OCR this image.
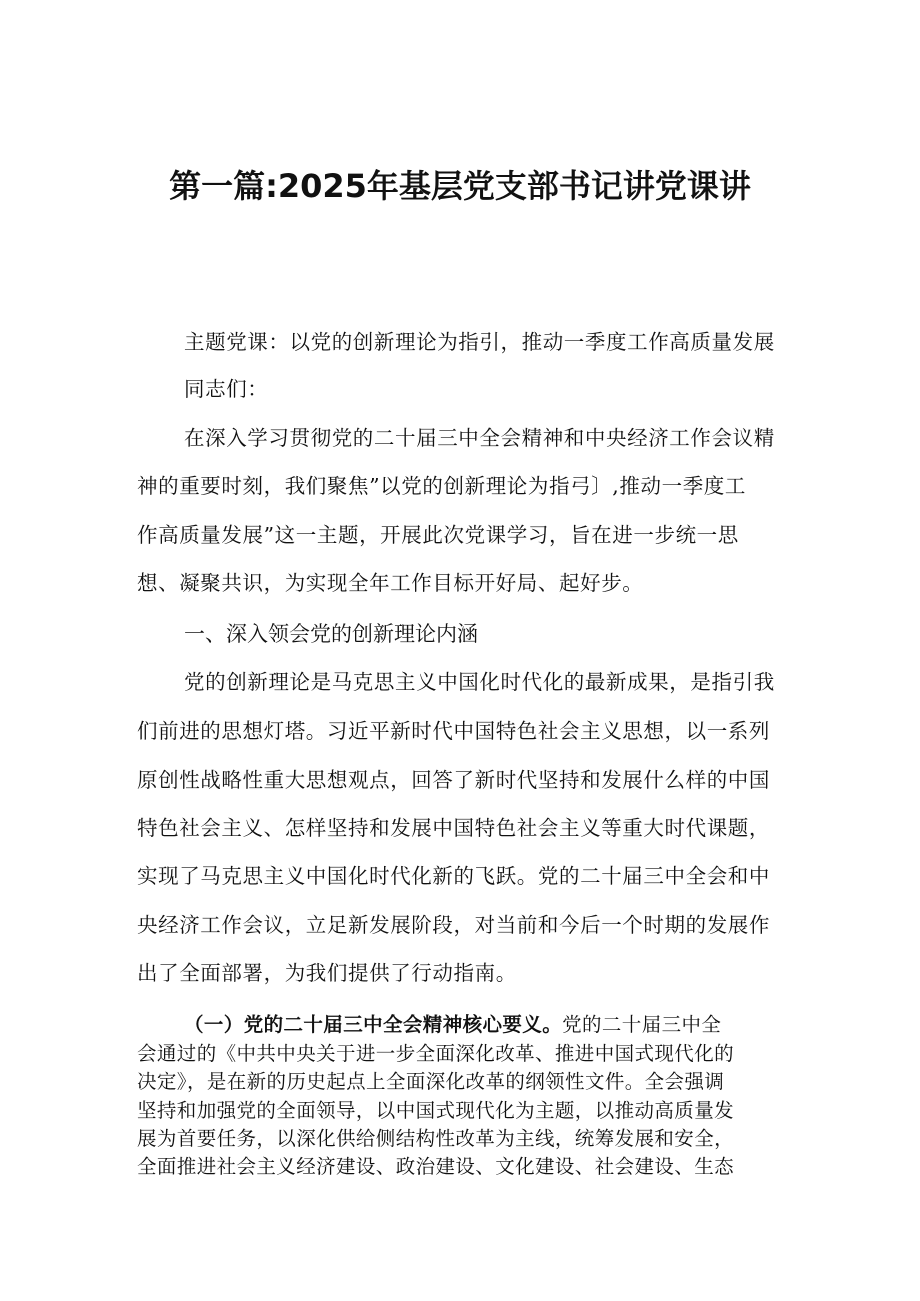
第一篇:2025年基层党支部书记讲党课讲
主题党课：以党的创新理论为指引，推动一季度工作高质量发展
同志们：
在深入学习贯彻党的二十届三中全会精神和中央经济工作会议精
神的重要时刻，我们聚焦”以党的创新理论为指弓〕,推动一季度工
作高质量发展”这一主题，开展此次党课学习，旨在进一步统一思
想、凝聚共识，为实现全年工作目标开好局、起好步。
一、深入领会党的创新理论内涵
党的创新理论是马克思主义中国化时代化的最新成果，是指引我
们前进的思想灯塔。习近平新时代中国特色社会主义思想，以一系列
原创性战略性重大思想观点，回答了新时代坚持和发展什么样的中国
特色社会主义、怎样坚持和发展中国特色社会主义等重大时代课题，
实现了马克思主义中国化时代化新的飞跃。党的二十届三中全会和中
央经济工作会议，立足新发展阶段，对当前和今后一个时期的发展作
出了全面部署，为我们提供了行动指南。
（一）党的二十届三中全会精神核心要义。党的二十届三中全
会通过的《中共中央关于进一步全面深化改革、推进中国式现代化的
决定》，是在新的历史起点上全面深化改革的纲领性文件。全会强调
坚持和加强党的全面领导，以中国式现代化为主题，以推动高质量发
展为首要任务，以深化供给侧结构性改革为主线，统筹发展和安全，
全面推进社会主义经济建设、政治建设、文化建设、社会建设、生态
